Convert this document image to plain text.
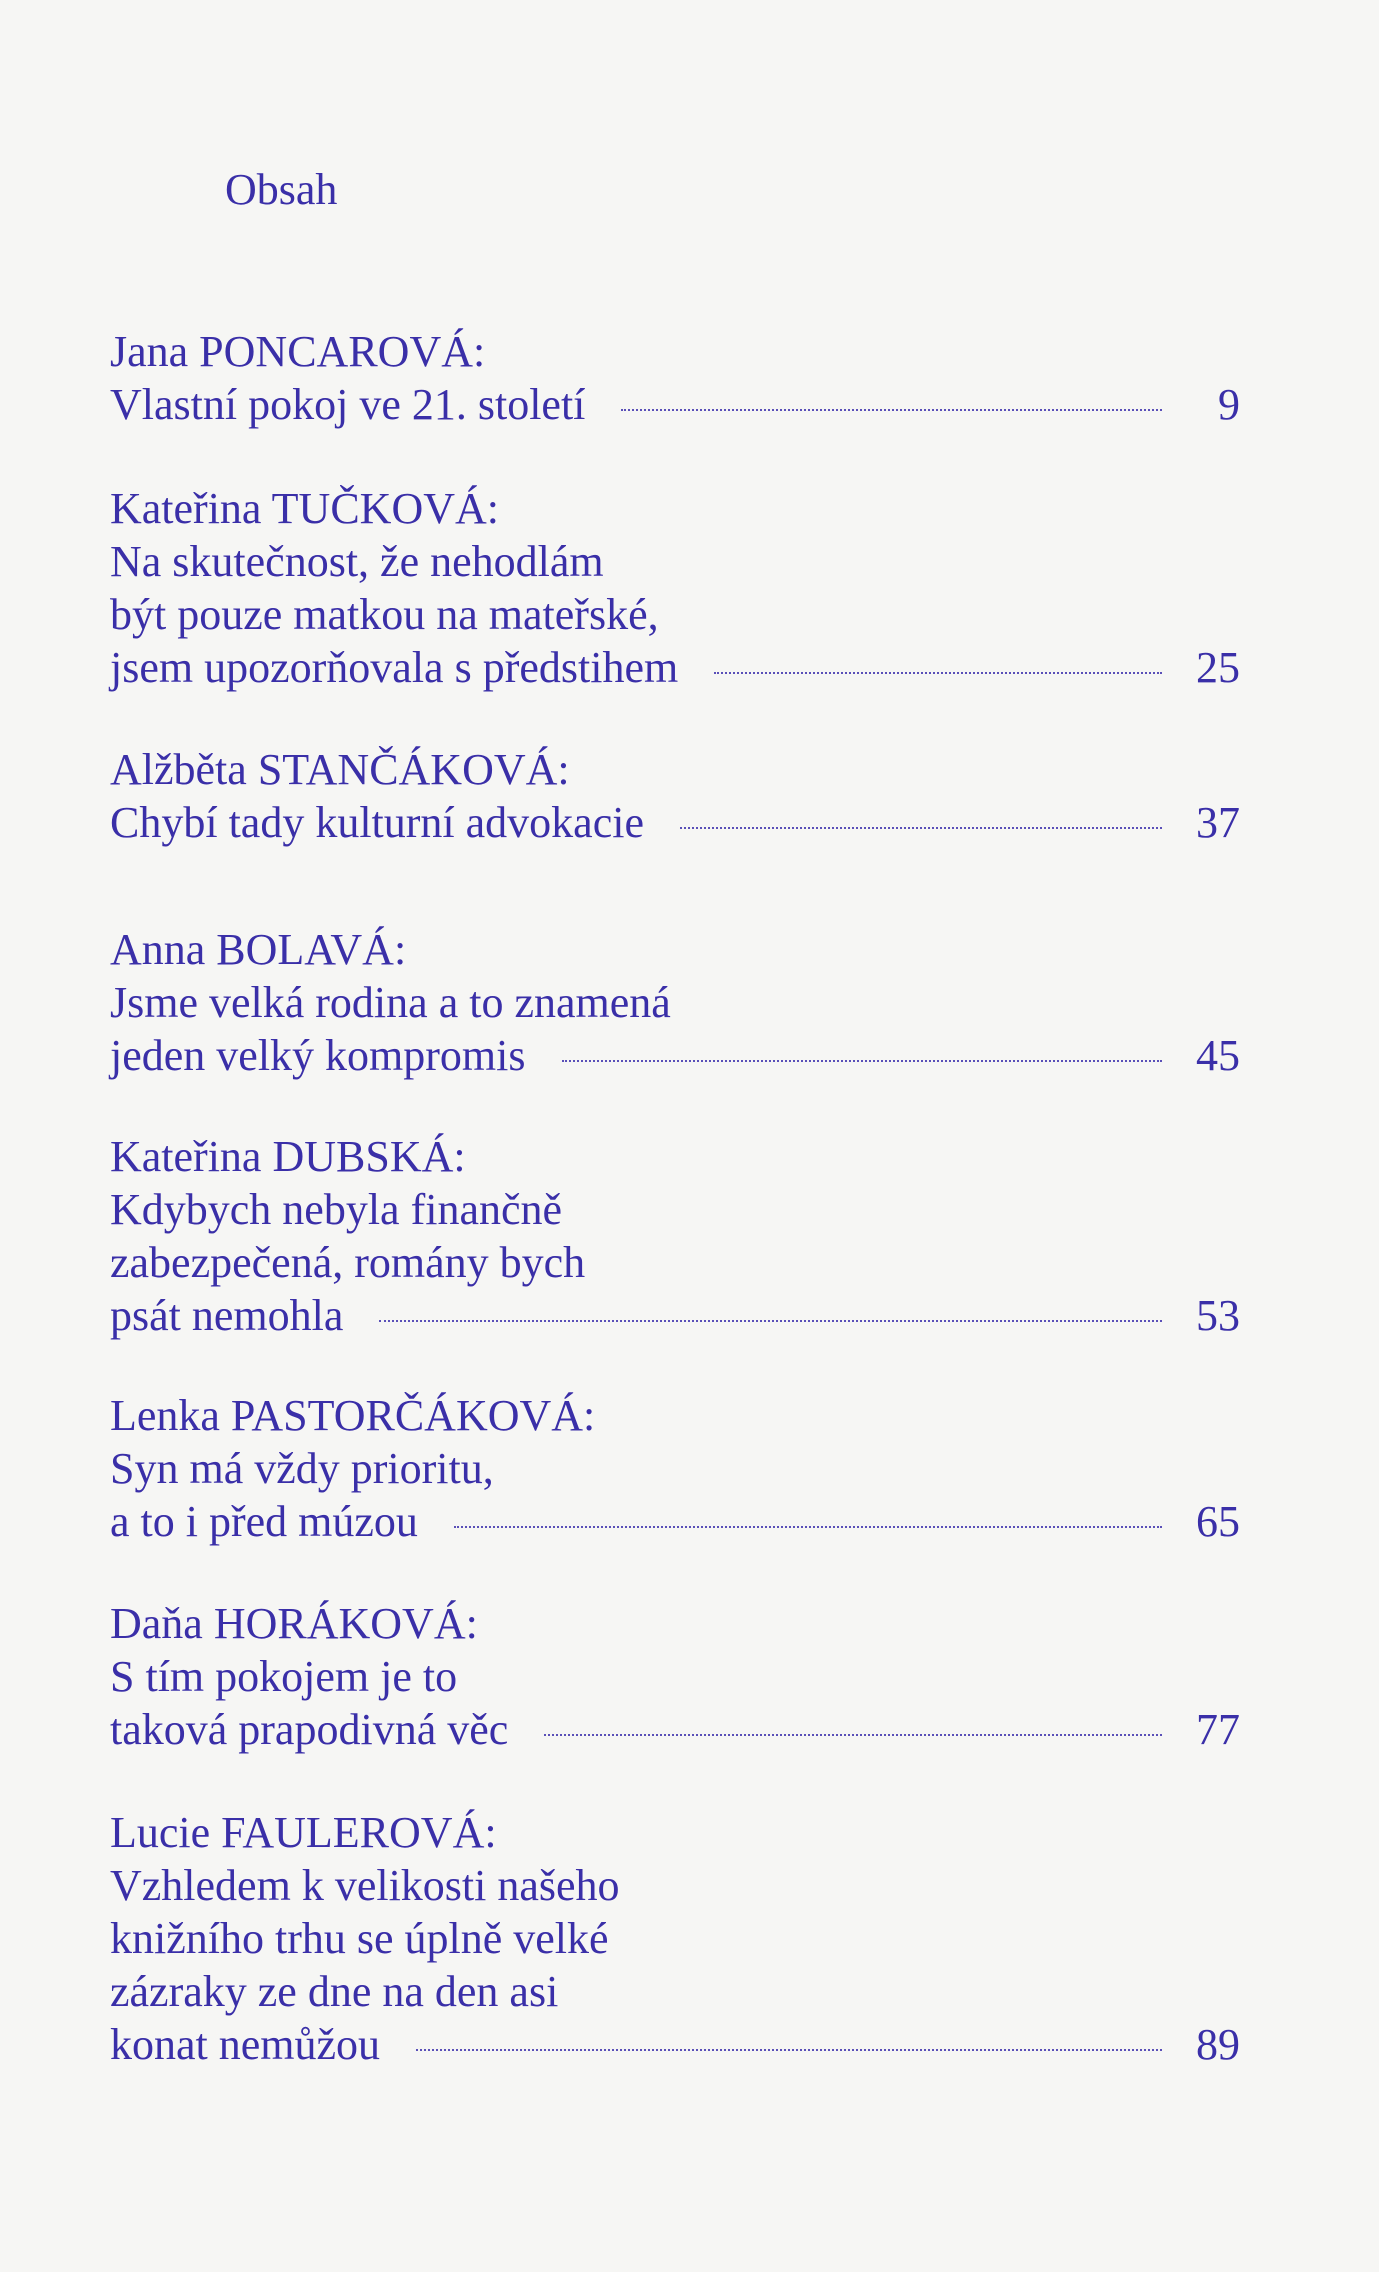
Obsah
Jana PONCAROVÁ:
Vlastní pokoj ve 21. století	9
Kateřina TUČKOVÁ:
Na skutečnost, že nehodlám
být pouze matkou na mateřské,
jsem upozorňovala s předstihem	25
Alžběta STANČÁKOVÁ:
Chybí tady kulturní advokacie	37
Anna BOLAVÁ:
Jsme velká rodina a to znamená
jeden velký kompromis	45
Kateřina DUBSKÁ:
Kdybych nebyla finančně
zabezpečená, romány bych
psát nemohla	53
Lenka PASTORČÁKOVÁ:
Syn má vždy prioritu,
a to i před múzou	65
Daňa HORÁKOVÁ:
S tím pokojem je to
taková prapodivná věc	77
Lucie FAULEROVÁ:
Vzhledem k velikosti našeho
knižního trhu se úplně velké
zázraky ze dne na den asi
konat nemůžou	89
